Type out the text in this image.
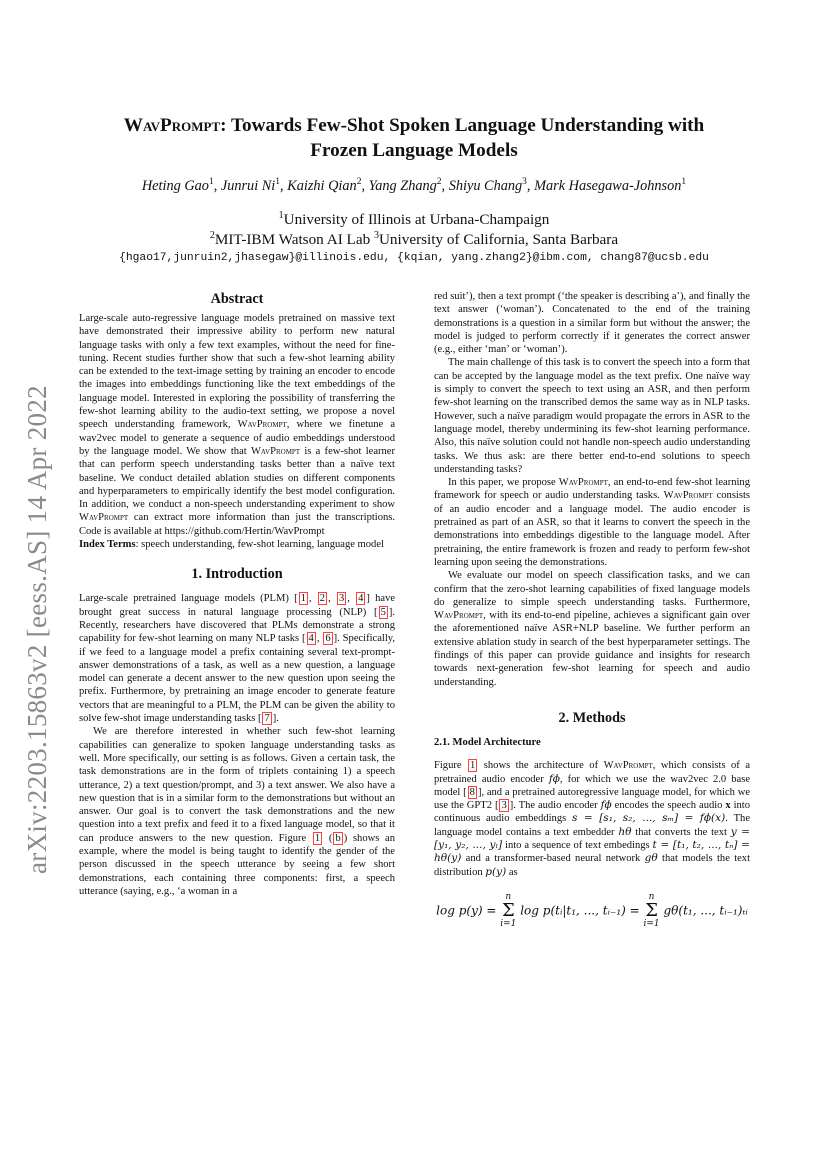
arXiv:2203.15863v2 [eess.AS] 14 Apr 2022
WavPrompt: Towards Few-Shot Spoken Language Understanding with
Frozen Language Models
Heting Gao$^1$, Junrui Ni$^1$, Kaizhi Qian$^2$, Yang Zhang$^2$, Shiyu Chang$^3$, Mark Hasegawa-Johnson$^1$
$^1$University of Illinois at Urbana-Champaign
$^2$MIT-IBM Watson AI Lab $^3$University of California, Santa Barbara
{hgao17,junruin2,jhasegaw}@illinois.edu, {kqian, yang.zhang2}@ibm.com, chang87@ucsb.edu
Abstract

Large-scale auto-regressive language models pretrained on massive text have demonstrated their impressive ability to perform new natural language tasks with only a few text examples, without the need for fine-tuning. Recent studies further show that such a few-shot learning ability can be extended to the text-image setting by training an encoder to encode the images into embeddings functioning like the text embeddings of the language model. Interested in exploring the possibility of transferring the few-shot learning ability to the audio-text setting, we propose a novel speech understanding framework, WavPrompt, where we finetune a wav2vec model to generate a sequence of audio embeddings understood by the language model. We show that WavPrompt is a few-shot learner that can perform speech understanding tasks better than a naïve text baseline. We conduct detailed ablation studies on different components and hyperparameters to empirically identify the best model configuration. In addition, we conduct a non-speech understanding experiment to show WavPrompt can extract more information than just the transcriptions. Code is available at https://github.com/Hertin/WavPrompt

Index Terms: speech understanding, few-shot learning, language model

1. Introduction

Large-scale pretrained language models (PLM) [ 1 , 2 , 3 , 4 ] have brought great success in natural language processing (NLP) [ 5 ]. Recently, researchers have discovered that PLMs demonstrate a strong capability for few-shot learning on many NLP tasks [ 4 , 6 ]. Specifically, if we feed to a language model a prefix containing several text-prompt-answer demonstrations of a task, as well as a new question, a language model can generate a decent answer to the new question upon seeing the prefix. Furthermore, by pretraining an image encoder to generate feature vectors that are meaningful to a PLM, the PLM can be given the ability to solve few-shot image understanding tasks [ 7 ].

We are therefore interested in whether such few-shot learning capabilities can generalize to spoken language understanding tasks as well. More specifically, our setting is as follows. Given a certain task, the task demonstrations are in the form of triplets containing 1) a speech utterance, 2) a text question/prompt, and 3) a text answer. We also have a new question that is in a similar form to the demonstrations but without an answer. Our goal is to convert the task demonstrations and the new question into a text prefix and feed it to a fixed language model, so that it can produce answers to the new question. Figure 1 ( b ) shows an example, where the model is being taught to identify the gender of the person discussed in the speech utterance by seeing a few short demonstrations, each containing three components: first, a speech utterance (saying, e.g., ‘a woman in a

red suit’), then a text prompt (‘the speaker is describing a’), and finally the text answer (‘woman’). Concatenated to the end of the training demonstrations is a question in a similar form but without the answer; the model is judged to perform correctly if it generates the correct answer (e.g., either ‘man’ or ‘woman’).

The main challenge of this task is to convert the speech into a form that can be accepted by the language model as the text prefix. One naïve way is simply to convert the speech to text using an ASR, and then perform few-shot learning on the transcribed demos the same way as in NLP tasks. However, such a naïve paradigm would propagate the errors in ASR to the language model, thereby undermining its few-shot learning performance. Also, this naïve solution could not handle non-speech audio understanding tasks. We thus ask: are there better end-to-end solutions to speech understanding tasks?

In this paper, we propose WavPrompt, an end-to-end few-shot learning framework for speech or audio understanding tasks. WavPrompt consists of an audio encoder and a language model. The audio encoder is pretrained as part of an ASR, so that it learns to convert the speech in the demonstrations into embeddings digestible to the language model. After pretraining, the entire framework is frozen and ready to perform few-shot learning upon seeing the demonstrations.

We evaluate our model on speech classification tasks, and we can confirm that the zero-shot learning capabilities of fixed language models do generalize to simple speech understanding tasks. Furthermore, WavPrompt, with its end-to-end pipeline, achieves a significant gain over the aforementioned naïve ASR+NLP baseline. We further perform an extensive ablation study in search of the best hyperparameter settings. The findings of this paper can provide guidance and insights for research towards next-generation few-shot learning for speech and audio understanding.

2. Methods
2.1. Model Architecture

Figure 1 shows the architecture of WavPrompt, which consists of a pretrained audio encoder fϕ, for which we use the wav2vec 2.0 base model [ 8 ], and a pretrained autoregressive language model, for which we use the GPT2 [ 3 ]. The audio encoder fϕ encodes the speech audio x into continuous audio embeddings s = [s₁, s₂, ..., sₘ] = fϕ(x). The language model contains a text embedder hθ that converts the text y = [y₁, y₂, ..., yₗ] into a sequence of text embedings t = [t₁, t₂, ..., tₙ] = hθ(y) and a transformer-based neural network gθ that models the text distribution p(y) as

log p(y) = n
Σ
i=1 log p(tᵢ|t₁, ..., tᵢ₋₁) = n
Σ
i=1 gθ(t₁, ..., tᵢ₋₁)ₜᵢ
